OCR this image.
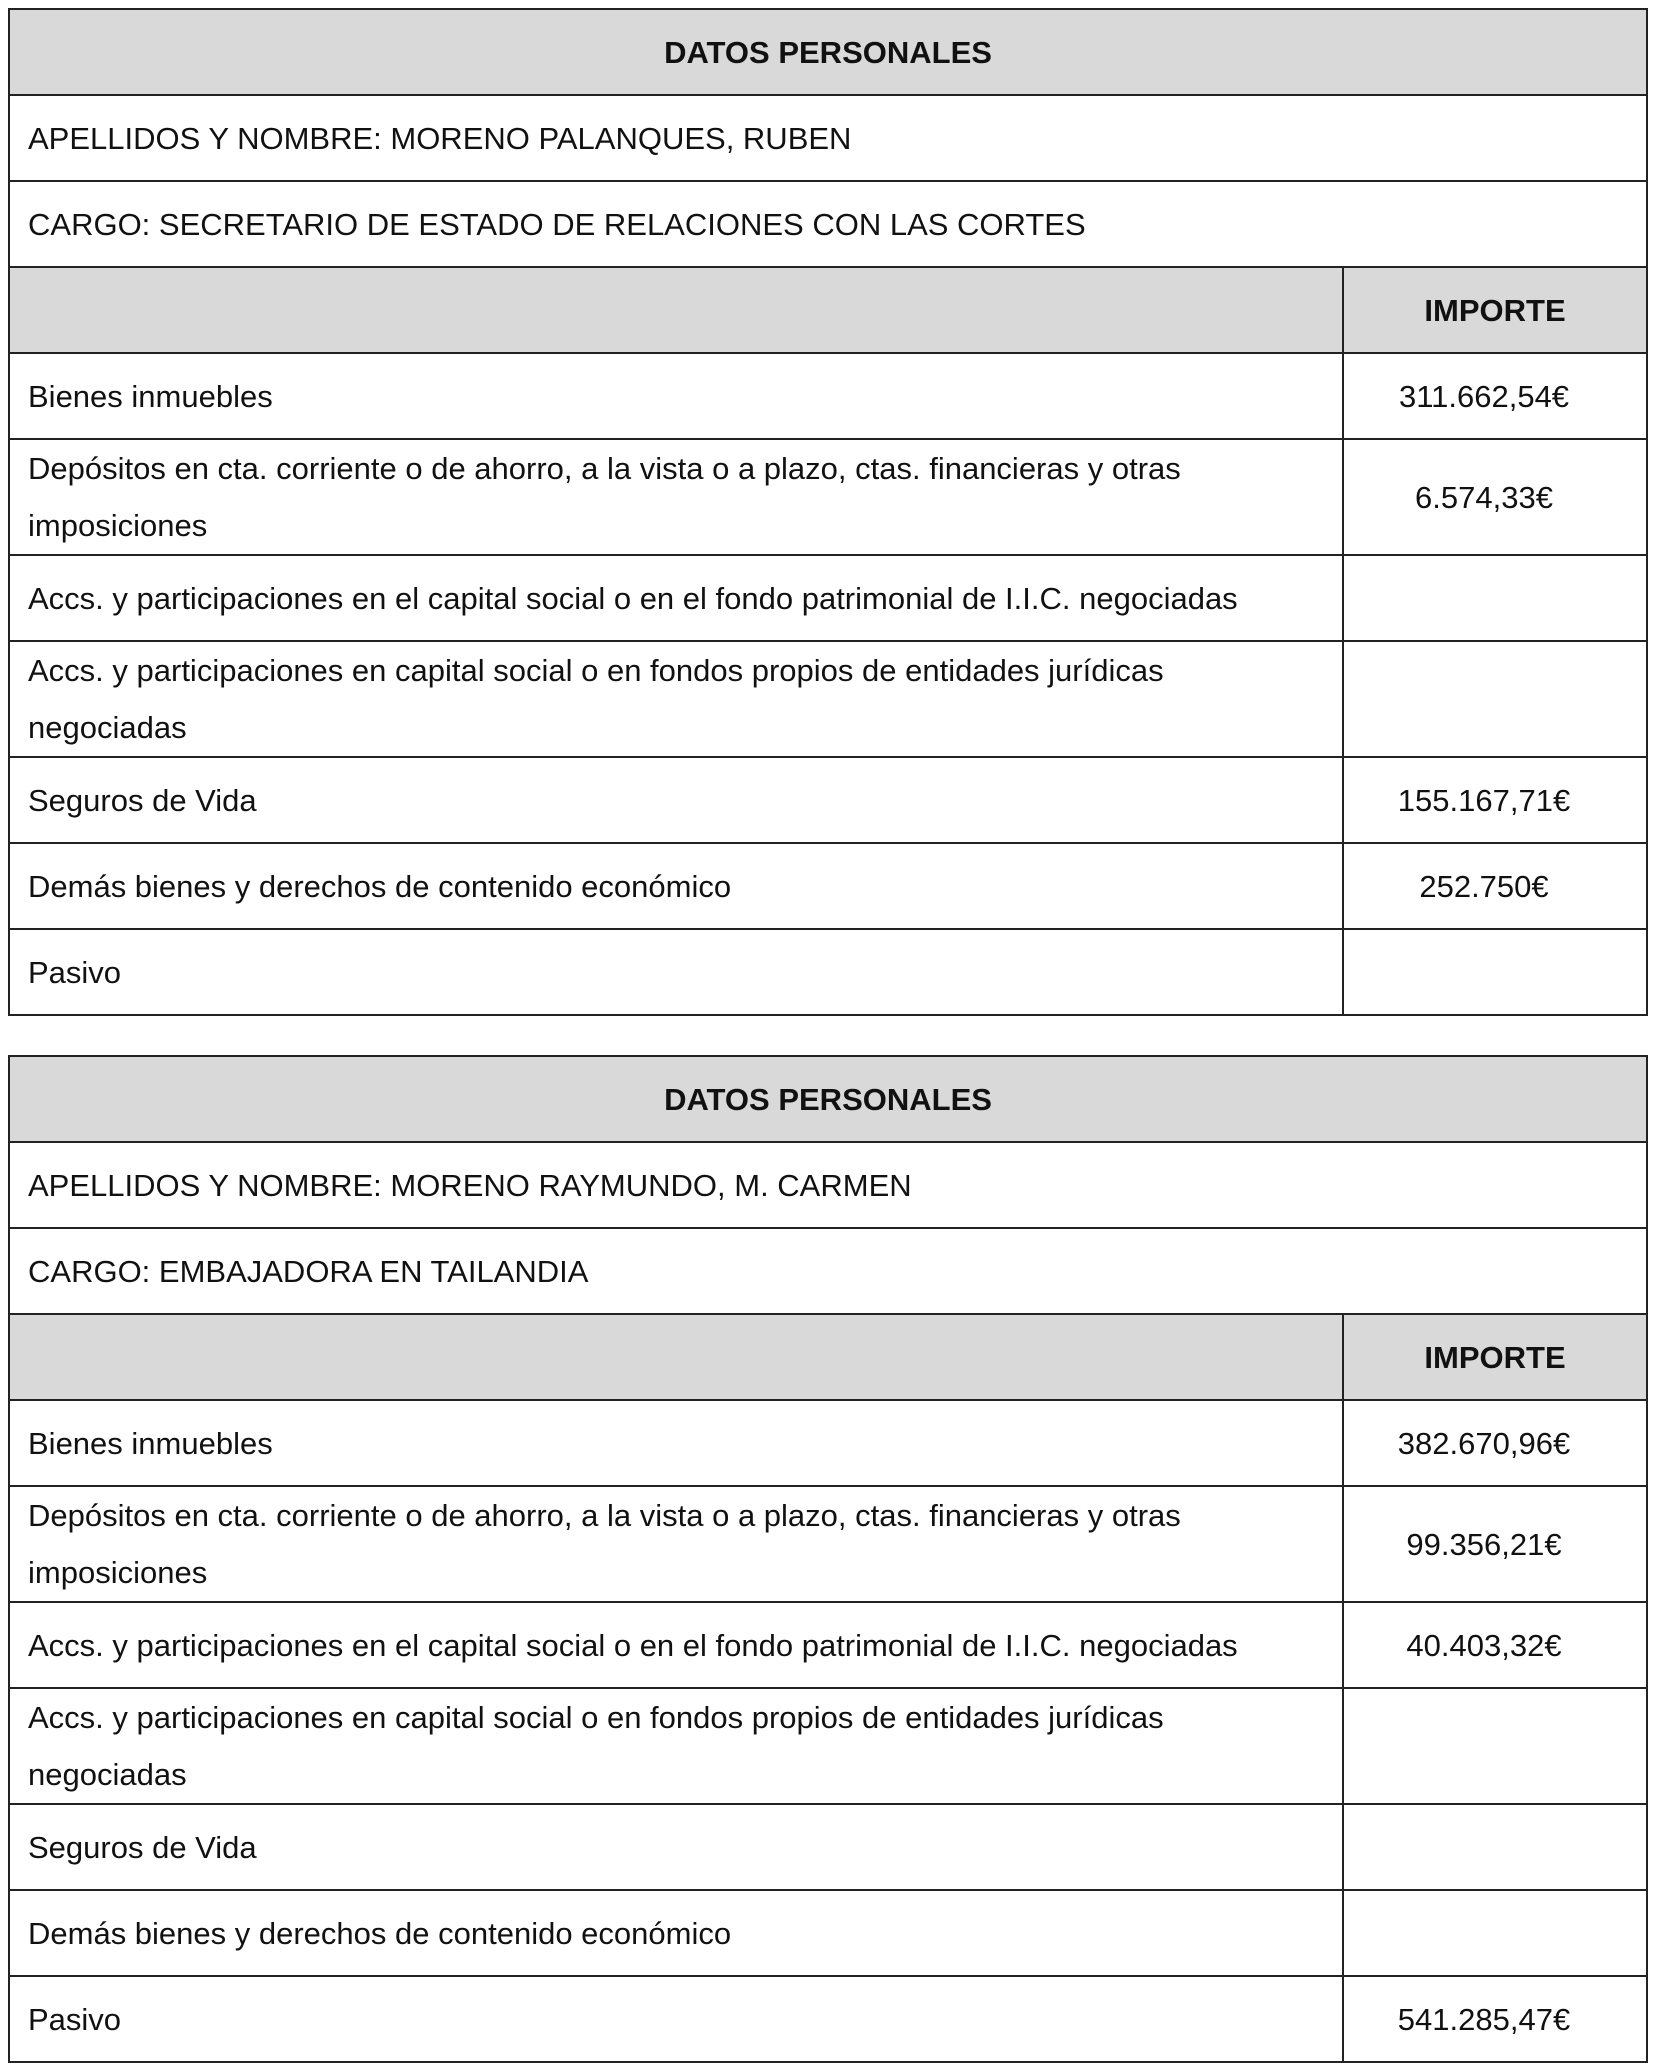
DATOS PERSONALES	
APELLIDOS Y NOMBRE: MORENO PALANQUES, RUBEN	
CARGO: SECRETARIO DE ESTADO DE RELACIONES CON LAS CORTES	
	IMPORTE
Bienes inmuebles	311.662,54€
Depósitos en cta. corriente o de ahorro, a la vista o a plazo, ctas. financieras y otras imposiciones	6.574,33€
Accs. y participaciones en el capital social o en el fondo patrimonial de I.I.C. negociadas	
Accs. y participaciones en capital social o en fondos propios de entidades jurídicas negociadas	
Seguros de Vida	155.167,71€
Demás bienes y derechos de contenido económico	252.750€
Pasivo	
DATOS PERSONALES	
APELLIDOS Y NOMBRE: MORENO RAYMUNDO, M. CARMEN	
CARGO: EMBAJADORA EN TAILANDIA	
	IMPORTE
Bienes inmuebles	382.670,96€
Depósitos en cta. corriente o de ahorro, a la vista o a plazo, ctas. financieras y otras imposiciones	99.356,21€
Accs. y participaciones en el capital social o en el fondo patrimonial de I.I.C. negociadas	40.403,32€
Accs. y participaciones en capital social o en fondos propios de entidades jurídicas negociadas	
Seguros de Vida	
Demás bienes y derechos de contenido económico	
Pasivo	541.285,47€
